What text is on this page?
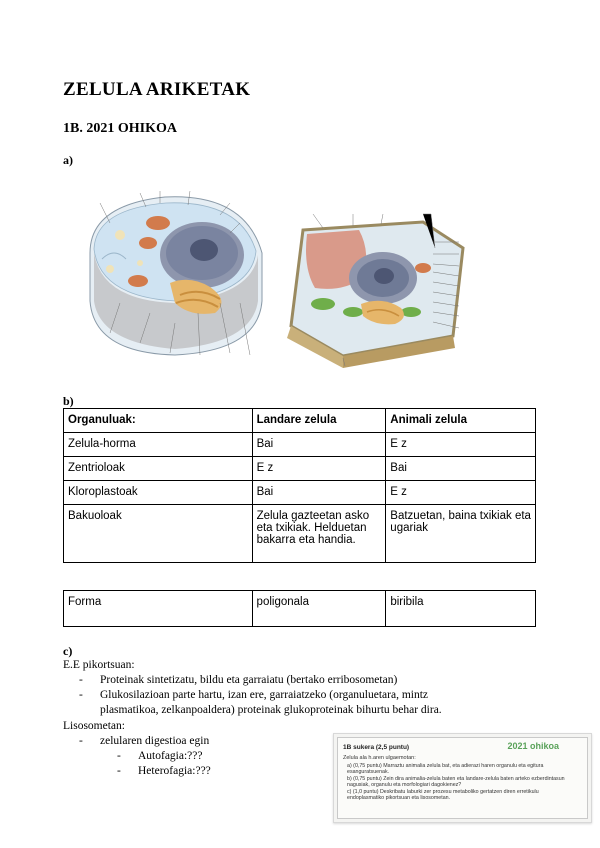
ZELULA ARIKETAK
1B. 2021 OHIKOA
a)
b)
Organuluak:	Landare zelula	Animali zelula
Zelula-horma	Bai	E z
Zentrioloak	E z	Bai
Kloroplastoak	Bai	E z
Bakuoloak	Zelula gazteetan asko eta txikiak. Helduetan bakarra eta handia.	Batzuetan, baina txikiak eta ugariak
Forma	poligonala	biribila
c)
E.E pikortsuan:
- Proteinak sintetizatu, bildu eta garraiatu (bertako erribosometan)
- Glukosilazioan parte hartu, izan ere, garraiatzeko (organuluetara, mintz plasmatikoa, zelkanpoaldera) proteinak glukoproteinak bihurtu behar dira.
Lisosometan:
- zelularen digestioa egin
- Autofagia:???
- Heterofagia:???
1B sukera (2,5 puntu)	2021 ohikoa
Zelula ala h.aren ulgaemotan:
a) (0,75 puntu) Marraztu animalia zelula bat, eta adierazi haren organulu eta egitura esanguratsuenak.
b) (0,75 puntu) Zein dira animalia-zelula baten eta landare-zelula baten arteko ezberdintasun nagusiak, organulu eta morfologiari dagokienez?
c) (1,0 puntu) Deskribatu laburki zer prozesu metaboliko gertatzen diren erretikulu endoplasmatiko pikortsuan eta lisosometan.
